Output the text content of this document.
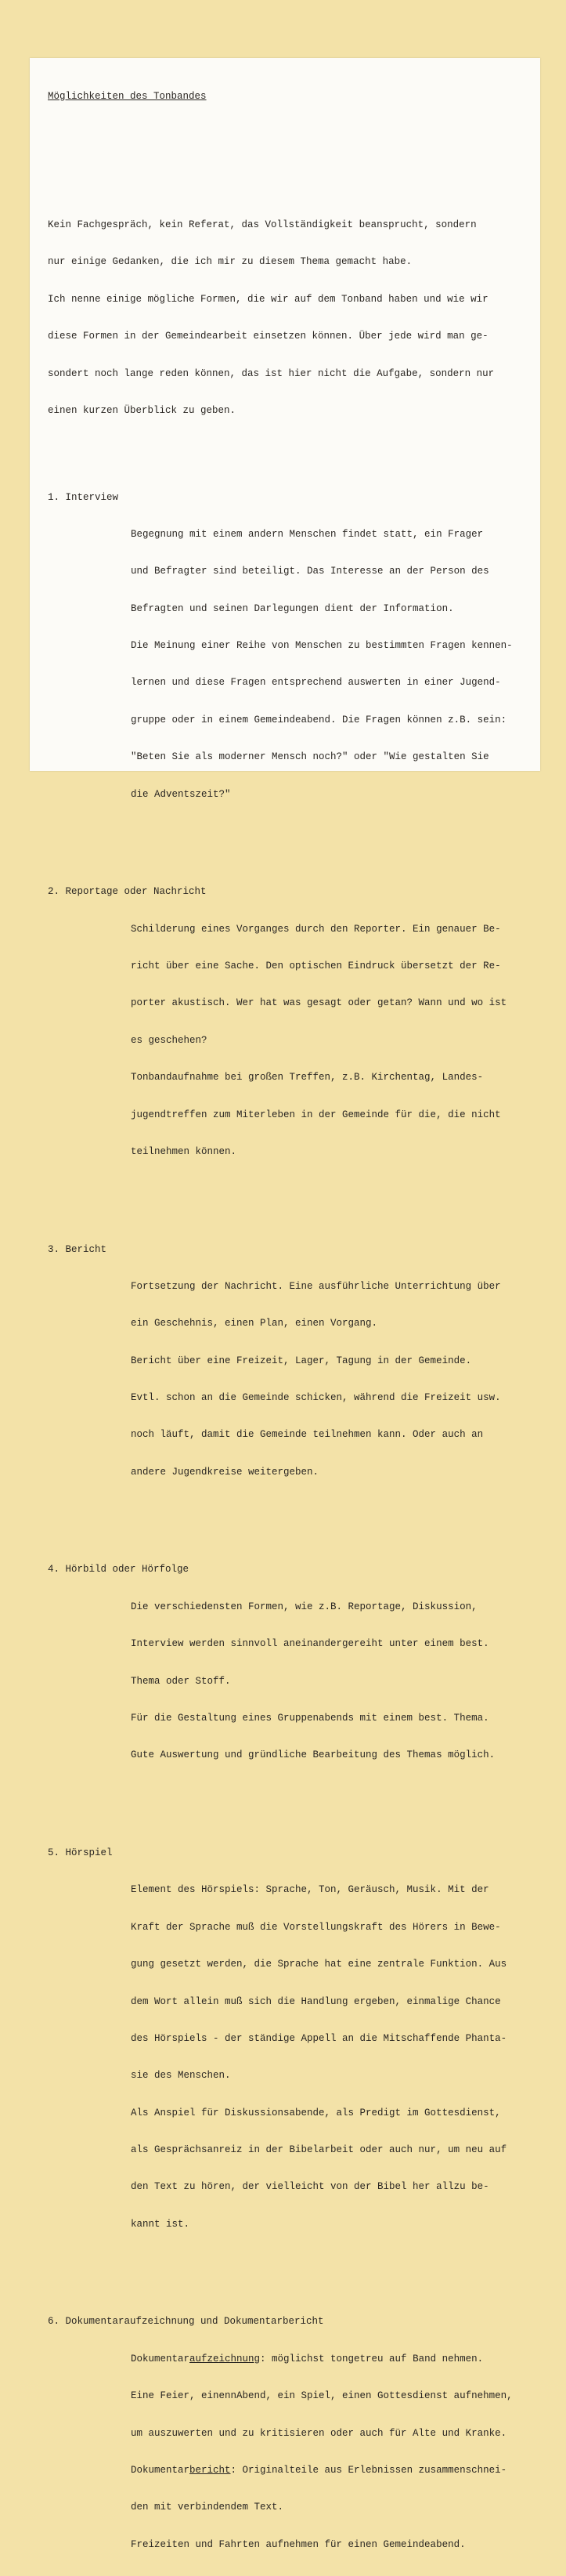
Möglichkeiten des Tonbandes

Kein Fachgespräch, kein Referat, das Vollständigkeit beansprucht, sondern

nur einige Gedanken, die ich mir zu diesem Thema gemacht habe.

Ich nenne einige mögliche Formen, die wir auf dem Tonband haben und wie wir

diese Formen in der Gemeindearbeit einsetzen können. Über jede wird man ge-

sondert noch lange reden können, das ist hier nicht die Aufgabe, sondern nur

einen kurzen Überblick zu geben.

1. Interview

Begegnung mit einem andern Menschen findet statt, ein Frager

und Befragter sind beteiligt. Das Interesse an der Person des

Befragten und seinen Darlegungen dient der Information.

Die Meinung einer Reihe von Menschen zu bestimmten Fragen kennen-

lernen und diese Fragen entsprechend auswerten in einer Jugend-

gruppe oder in einem Gemeindeabend. Die Fragen können z.B. sein:

"Beten Sie als moderner Mensch noch?" oder "Wie gestalten Sie

die Adventszeit?"

2. Reportage oder Nachricht

Schilderung eines Vorganges durch den Reporter. Ein genauer Be-

richt über eine Sache. Den optischen Eindruck übersetzt der Re-

porter akustisch. Wer hat was gesagt oder getan? Wann und wo ist

es geschehen?

Tonbandaufnahme bei großen Treffen, z.B. Kirchentag, Landes-

jugendtreffen zum Miterleben in der Gemeinde für die, die nicht

teilnehmen können.

3. Bericht

Fortsetzung der Nachricht. Eine ausführliche Unterrichtung über

ein Geschehnis, einen Plan, einen Vorgang.

Bericht über eine Freizeit, Lager, Tagung in der Gemeinde.

Evtl. schon an die Gemeinde schicken, während die Freizeit usw.

noch läuft, damit die Gemeinde teilnehmen kann. Oder auch an

andere Jugendkreise weitergeben.

4. Hörbild oder Hörfolge

Die verschiedensten Formen, wie z.B. Reportage, Diskussion,

Interview werden sinnvoll aneinandergereiht unter einem best.

Thema oder Stoff.

Für die Gestaltung eines Gruppenabends mit einem best. Thema.

Gute Auswertung und gründliche Bearbeitung des Themas möglich.

5. Hörspiel

Element des Hörspiels: Sprache, Ton, Geräusch, Musik. Mit der

Kraft der Sprache muß die Vorstellungskraft des Hörers in Bewe-

gung gesetzt werden, die Sprache hat eine zentrale Funktion. Aus

dem Wort allein muß sich die Handlung ergeben, einmalige Chance

des Hörspiels - der ständige Appell an die Mitschaffende Phanta-

sie des Menschen.

Als Anspiel für Diskussionsabende, als Predigt im Gottesdienst,

als Gesprächsanreiz in der Bibelarbeit oder auch nur, um neu auf

den Text zu hören, der vielleicht von der Bibel her allzu be-

kannt ist.

6. Dokumentaraufzeichnung und Dokumentarbericht

Dokumentaraufzeichnung: möglichst tongetreu auf Band nehmen.

Eine Feier, einennAbend, ein Spiel, einen Gottesdienst aufnehmen,

um auszuwerten und zu kritisieren oder auch für Alte und Kranke.

Dokumentarbericht: Originalteile aus Erlebnissen zusammenschnei-

den mit verbindendem Text.

Freizeiten und Fahrten aufnehmen für einen Gemeindeabend.
